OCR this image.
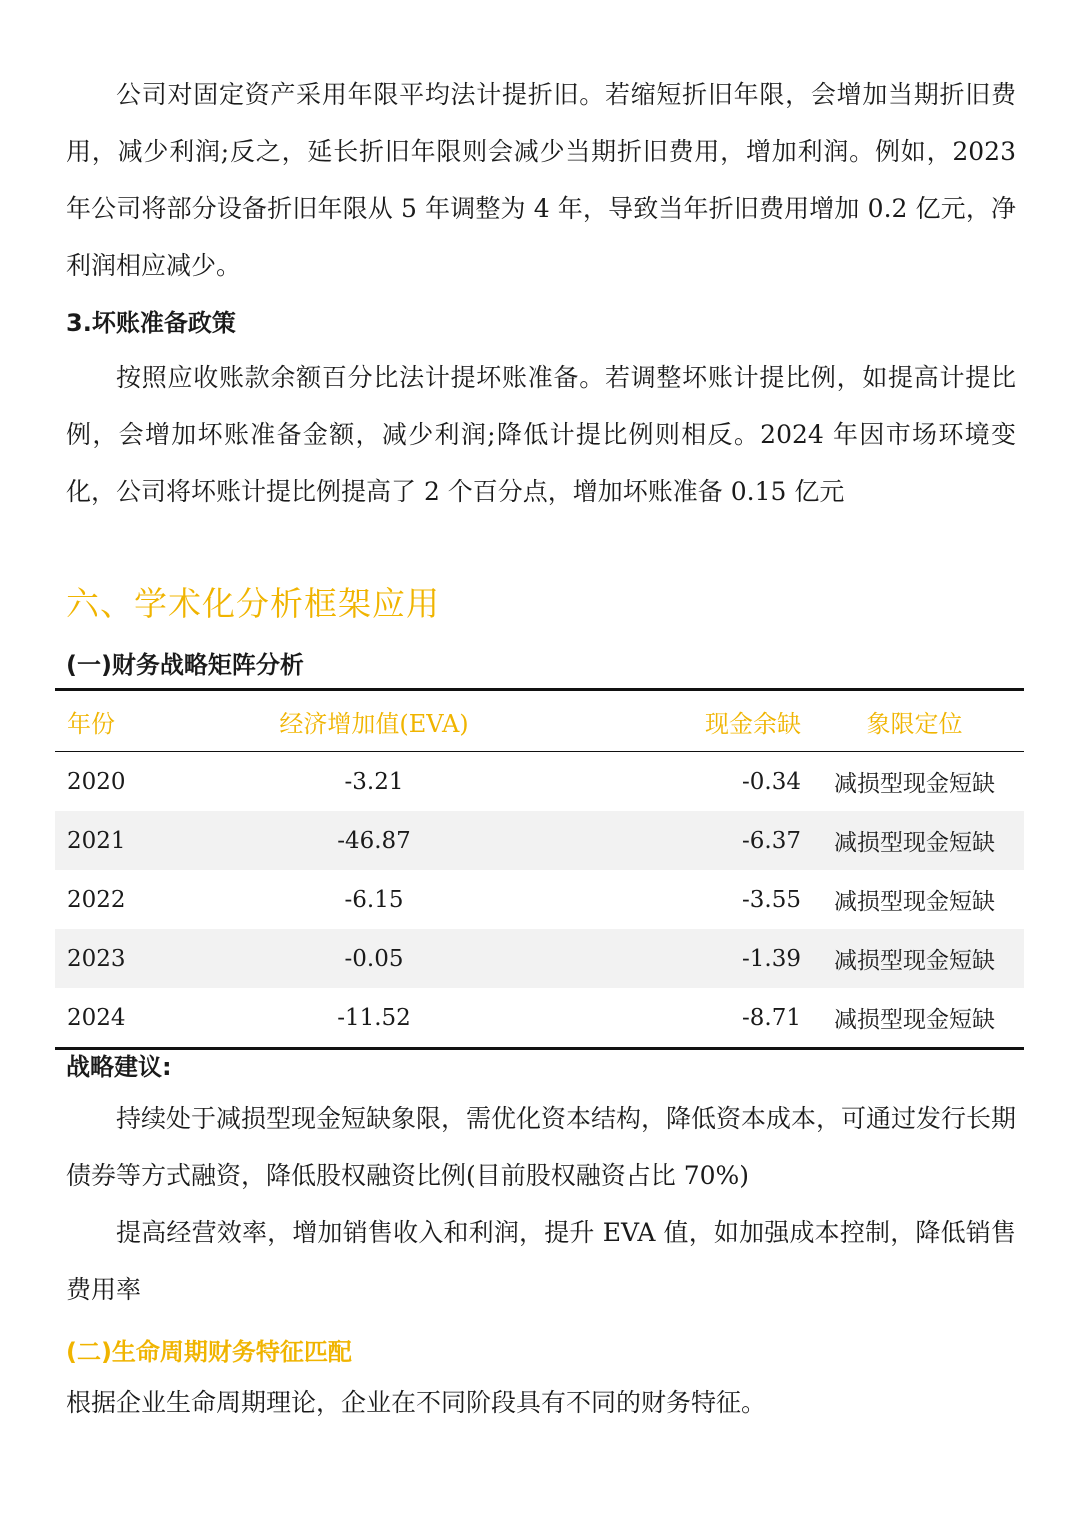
公司对固定资产采用年限平均法计提折旧。若缩短折旧年限，会增加当期折旧费用，减少利润;反之，延长折旧年限则会减少当期折旧费用，增加利润。例如，2023 年公司将部分设备折旧年限从 5 年调整为 4 年，导致当年折旧费用增加 0.2 亿元，净利润相应减少。

3.坏账准备政策

按照应收账款余额百分比法计提坏账准备。若调整坏账计提比例，如提高计提比例，会增加坏账准备金额，减少利润;降低计提比例则相反。2024 年因市场环境变化，公司将坏账计提比例提高了 2 个百分点，增加坏账准备 0.15 亿元

六、学术化分析框架应用

(一)财务战略矩阵分析

年份	经济增加值(EVA)	现金余缺	象限定位
2020	-3.21	-0.34	减损型现金短缺
2021	-46.87	-6.37	减损型现金短缺
2022	-6.15	-3.55	减损型现金短缺
2023	-0.05	-1.39	减损型现金短缺
2024	-11.52	-8.71	减损型现金短缺

战略建议:

持续处于减损型现金短缺象限，需优化资本结构，降低资本成本，可通过发行长期债券等方式融资，降低股权融资比例(目前股权融资占比 70%)

提高经营效率，增加销售收入和利润，提升 EVA 值，如加强成本控制，降低销售费用率

(二)生命周期财务特征匹配

根据企业生命周期理论，企业在不同阶段具有不同的财务特征。
